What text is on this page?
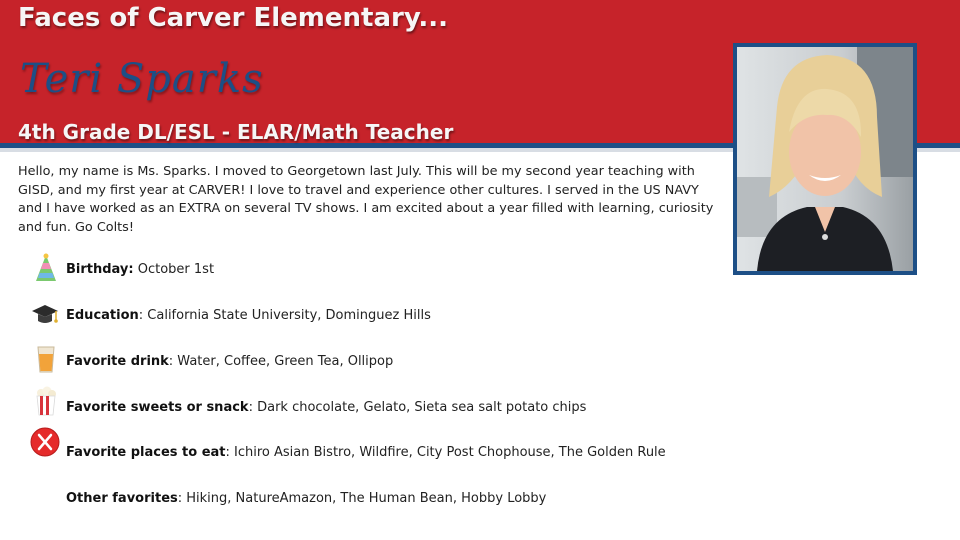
Faces of Carver Elementary...
Teri Sparks
4th Grade DL/ESL - ELAR/Math Teacher

Hello, my name is Ms. Sparks. I moved to Georgetown last July. This will be my second year teaching with GISD, and my first year at CARVER! I love to travel and experience other cultures. I served in the US NAVY and I have worked as an EXTRA on several TV shows. I am excited about a year filled with learning, curiosity and fun. Go Colts!

Birthday: October 1st
Education: California State University, Dominguez Hills
Favorite drink: Water, Coffee, Green Tea, Ollipop
Favorite sweets or snack: Dark chocolate, Gelato, Sieta sea salt potato chips
Favorite places to eat: Ichiro Asian Bistro, Wildfire, City Post Chophouse, The Golden Rule
Other favorites: Hiking, NatureAmazon, The Human Bean, Hobby Lobby
